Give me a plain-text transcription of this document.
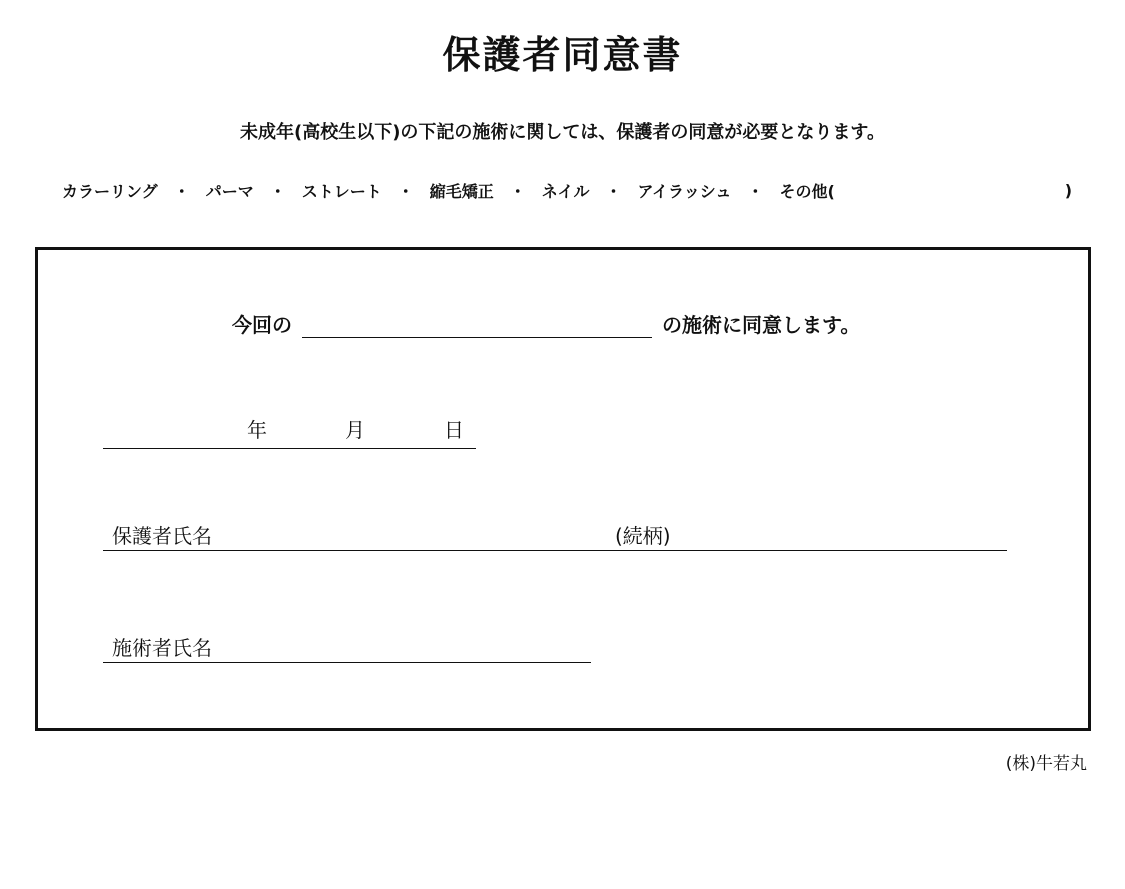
保護者同意書
未成年(高校生以下)の下記の施術に関しては、保護者の同意が必要となります。
カラーリング ・ パーマ ・ ストレート ・ 縮毛矯正 ・ ネイル ・ アイラッシュ ・ その他(	)
今回の	の施術に同意します。
年	月	日
保護者氏名	(続柄)
施術者氏名
(株)牛若丸
